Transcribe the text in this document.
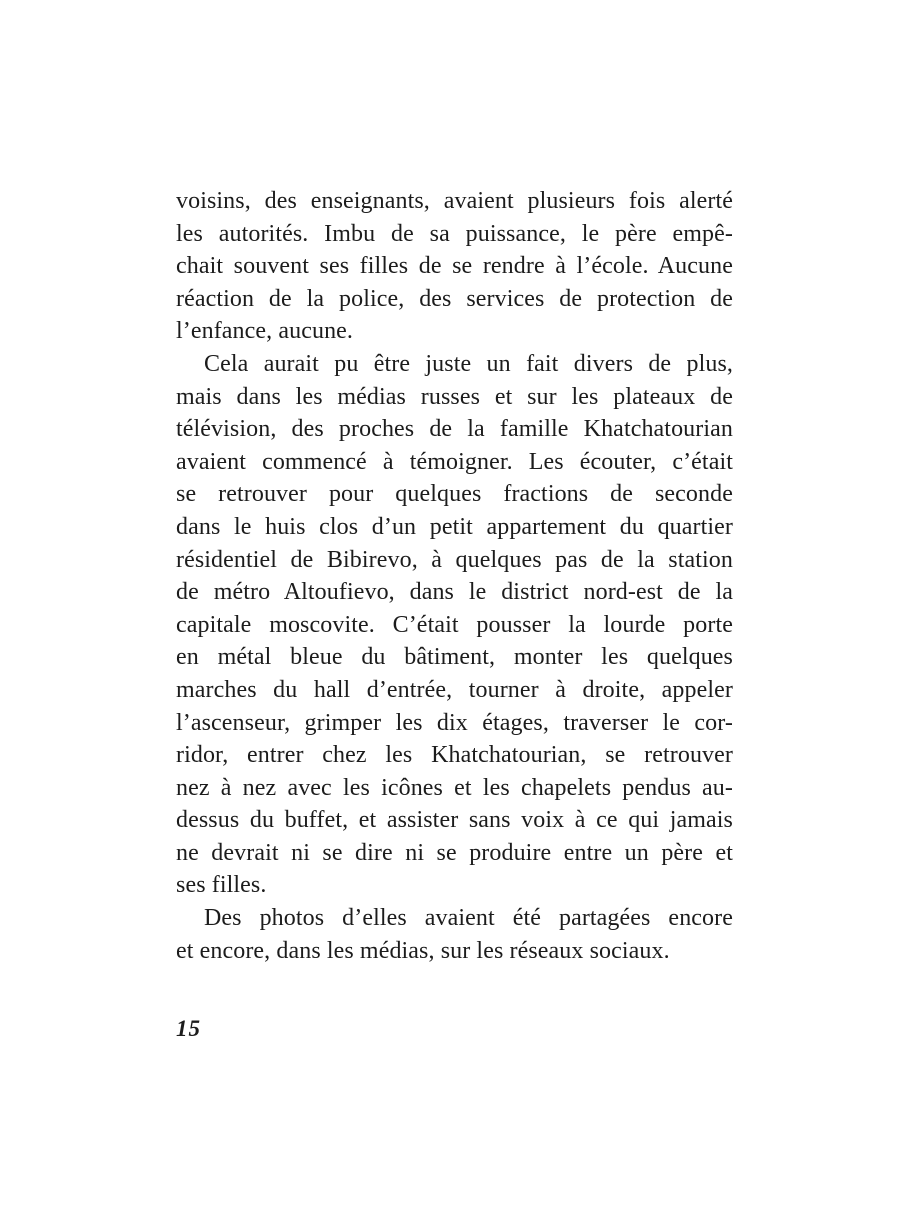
voisins, des enseignants, avaient plusieurs fois alerté
les autorités. Imbu de sa puissance, le père empê-
chait souvent ses filles de se rendre à l’école. Aucune
réaction de la police, des services de protection de
l’enfance, aucune.
Cela aurait pu être juste un fait divers de plus,
mais dans les médias russes et sur les plateaux de
télévision, des proches de la famille Khatchatourian
avaient commencé à témoigner. Les écouter, c’était
se retrouver pour quelques fractions de seconde
dans le huis clos d’un petit appartement du quartier
résidentiel de Bibirevo, à quelques pas de la station
de métro Altoufievo, dans le district nord-est de la
capitale moscovite. C’était pousser la lourde porte
en métal bleue du bâtiment, monter les quelques
marches du hall d’entrée, tourner à droite, appeler
l’ascenseur, grimper les dix étages, traverser le cor-
ridor, entrer chez les Khatchatourian, se retrouver
nez à nez avec les icônes et les chapelets pendus au-
dessus du buffet, et assister sans voix à ce qui jamais
ne devrait ni se dire ni se produire entre un père et
ses filles.
Des photos d’elles avaient été partagées encore
et encore, dans les médias, sur les réseaux sociaux.
15
